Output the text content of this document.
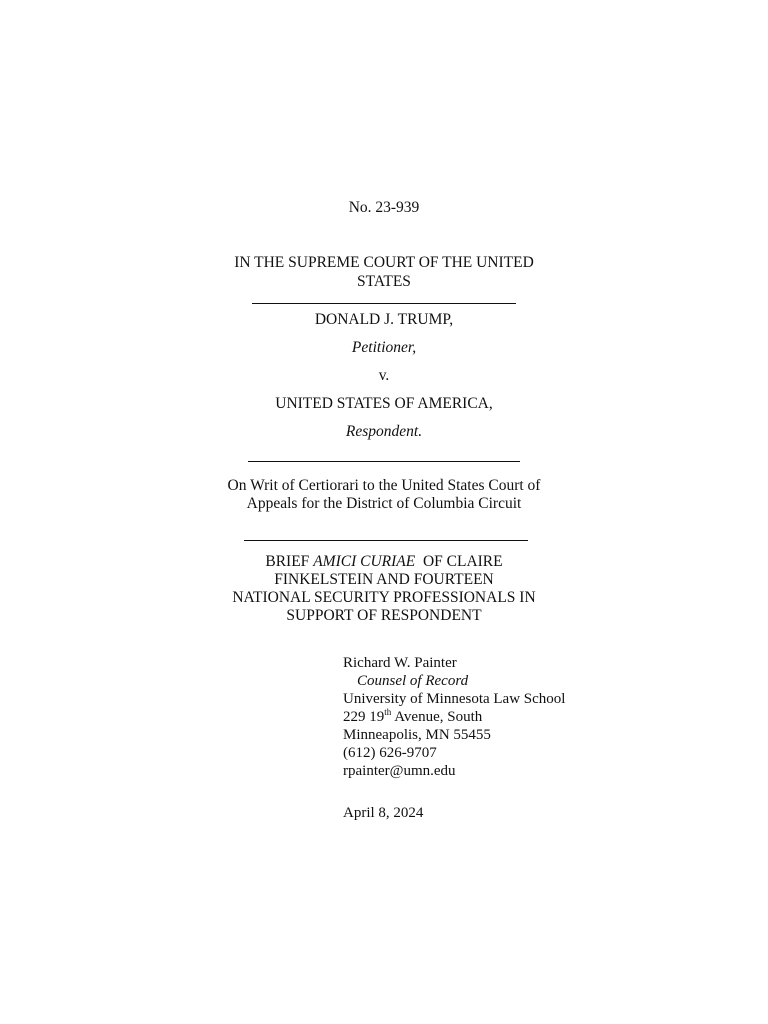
No. 23-939
IN THE SUPREME COURT OF THE UNITED
STATES
DONALD J. TRUMP,
Petitioner,
v.
UNITED STATES OF AMERICA,
Respondent.
On Writ of Certiorari to the United States Court of
Appeals for the District of Columbia Circuit
BRIEF AMICI CURIAE  OF CLAIRE
FINKELSTEIN AND FOURTEEN
NATIONAL SECURITY PROFESSIONALS IN
SUPPORT OF RESPONDENT
Richard W. Painter
Counsel of Record
University of Minnesota Law School
229 19th Avenue, South
Minneapolis, MN 55455
(612) 626-9707
rpainter@umn.edu
April 8, 2024
